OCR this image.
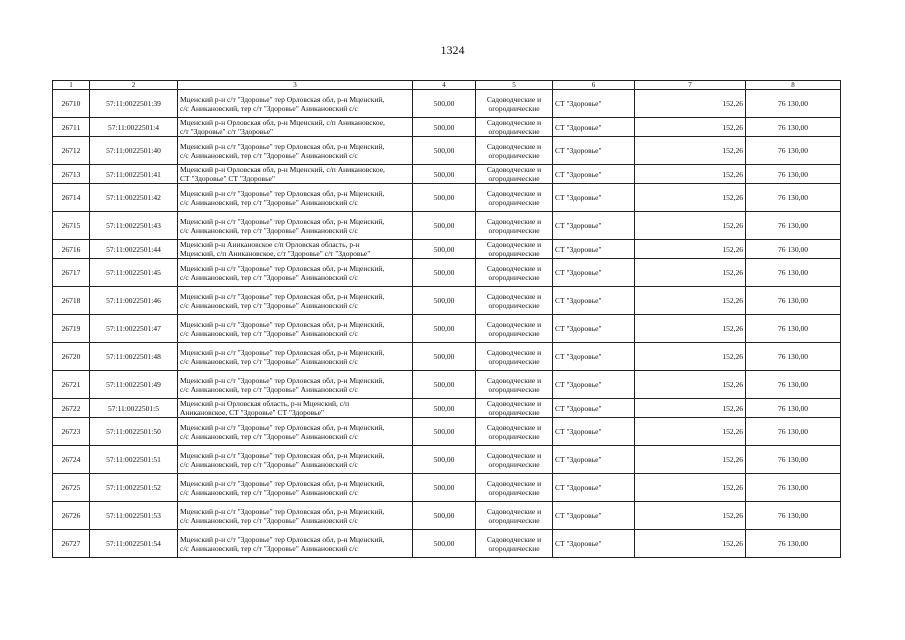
1324
1	2	3	4	5	6	7	8
26710	57:11:0022501:39	Мценский р-н с/т "Здоровье" тер Орловская обл, р-н Мценский,
с/с Аникановский, тер с/т "Здоровье" Аникановский с/с	500,00	Садоводческие и
огороднические	СТ "Здоровье"	152,26	76 130,00
26711	57:11:0022501:4	Мценский р-н Орловская обл, р-н Мценский, с/п Аникановское,
с/т "Здоровье" с/т "Здоровье"	500,00	Садоводческие и
огороднические	СТ "Здоровье"	152,26	76 130,00
26712	57:11:0022501:40	Мценский р-н с/т "Здоровье" тер Орловская обл, р-н Мценский,
с/с Аникановский, тер с/т "Здоровье" Аникановский с/с	500,00	Садоводческие и
огороднические	СТ "Здоровье"	152,26	76 130,00
26713	57:11:0022501:41	Мценский р-н Орловская обл, р-н Мценский, с/п Аникановское,
СТ "Здоровье" СТ "Здоровье"	500,00	Садоводческие и
огороднические	СТ "Здоровье"	152,26	76 130,00
26714	57:11:0022501:42	Мценский р-н с/т "Здоровье" тер Орловская обл, р-н Мценский,
с/с Аникановский, тер с/т "Здоровье" Аникановский с/с	500,00	Садоводческие и
огороднические	СТ "Здоровье"	152,26	76 130,00
26715	57:11:0022501:43	Мценский р-н с/т "Здоровье" тер Орловская обл, р-н Мценский,
с/с Аникановский, тер с/т "Здоровье" Аникановский с/с	500,00	Садоводческие и
огороднические	СТ "Здоровье"	152,26	76 130,00
26716	57:11:0022501:44	Мценский р-н Аникановское с/п Орловская область, р-н
Мценский, с/п Аникановское, с/т "Здоровье" с/т "Здоровье"	500,00	Садоводческие и
огороднические	СТ "Здоровье"	152,26	76 130,00
26717	57:11:0022501:45	Мценский р-н с/т "Здоровье" тер Орловская обл, р-н Мценский,
с/с Аникановский, тер с/т "Здоровье" Аникановский с/с	500,00	Садоводческие и
огороднические	СТ "Здоровье"	152,26	76 130,00
26718	57:11:0022501:46	Мценский р-н с/т "Здоровье" тер Орловская обл, р-н Мценский,
с/с Аникановский, тер с/т "Здоровье" Аникановский с/с	500,00	Садоводческие и
огороднические	СТ "Здоровье"	152,26	76 130,00
26719	57:11:0022501:47	Мценский р-н с/т "Здоровье" тер Орловская обл, р-н Мценский,
с/с Аникановский, тер с/т "Здоровье" Аникановский с/с	500,00	Садоводческие и
огороднические	СТ "Здоровье"	152,26	76 130,00
26720	57:11:0022501:48	Мценский р-н с/т "Здоровье" тер Орловская обл, р-н Мценский,
с/с Аникановский, тер с/т "Здоровье" Аникановский с/с	500,00	Садоводческие и
огороднические	СТ "Здоровье"	152,26	76 130,00
26721	57:11:0022501:49	Мценский р-н с/т "Здоровье" тер Орловская обл, р-н Мценский,
с/с Аникановский, тер с/т "Здоровье" Аникановский с/с	500,00	Садоводческие и
огороднические	СТ "Здоровье"	152,26	76 130,00
26722	57:11:0022501:5	Мценский р-н Орловская область, р-н Мценский, с/п
Аникановское, СТ "Здоровье" СТ "Здоровье"	500,00	Садоводческие и
огороднические	СТ "Здоровье"	152,26	76 130,00
26723	57:11:0022501:50	Мценский р-н с/т "Здоровье" тер Орловская обл, р-н Мценский,
с/с Аникановский, тер с/т "Здоровье" Аникановский с/с	500,00	Садоводческие и
огороднические	СТ "Здоровье"	152,26	76 130,00
26724	57:11:0022501:51	Мценский р-н с/т "Здоровье" тер Орловская обл, р-н Мценский,
с/с Аникановский, тер с/т "Здоровье" Аникановский с/с	500,00	Садоводческие и
огороднические	СТ "Здоровье"	152,26	76 130,00
26725	57:11:0022501:52	Мценский р-н с/т "Здоровье" тер Орловская обл, р-н Мценский,
с/с Аникановский, тер с/т "Здоровье" Аникановский с/с	500,00	Садоводческие и
огороднические	СТ "Здоровье"	152,26	76 130,00
26726	57:11:0022501:53	Мценский р-н с/т "Здоровье" тер Орловская обл, р-н Мценский,
с/с Аникановский, тер с/т "Здоровье" Аникановский с/с	500,00	Садоводческие и
огороднические	СТ "Здоровье"	152,26	76 130,00
26727	57:11:0022501:54	Мценский р-н с/т "Здоровье" тер Орловская обл, р-н Мценский,
с/с Аникановский, тер с/т "Здоровье" Аникановский с/с	500,00	Садоводческие и
огороднические	СТ "Здоровье"	152,26	76 130,00
